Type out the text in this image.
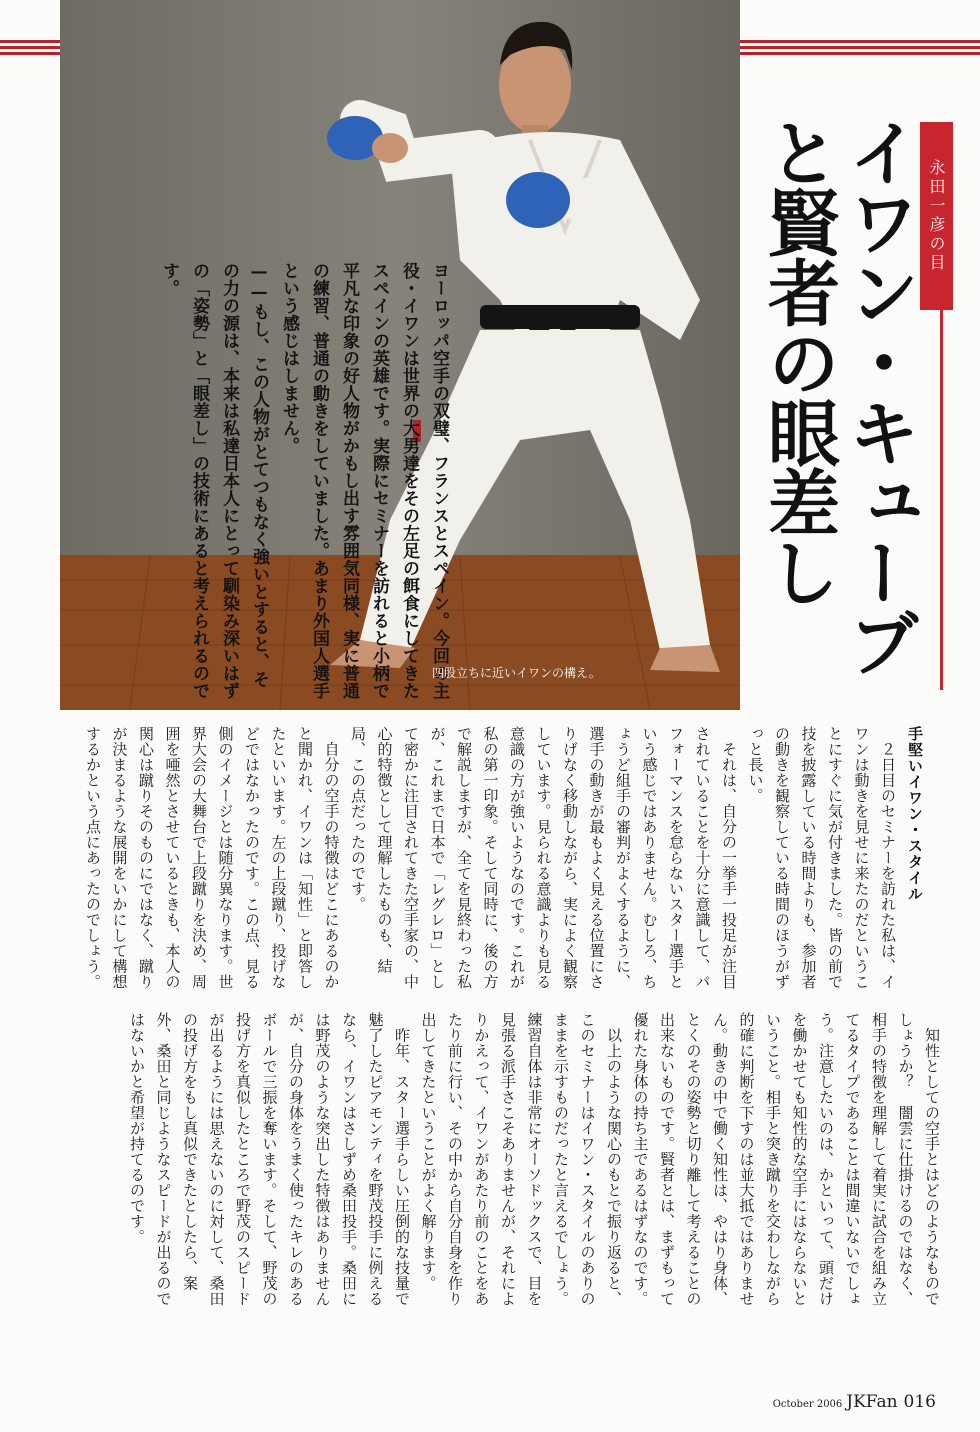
ヨーロッパ空手の双璧、フランスとスペイン。今回の主役・イワンは世界の大男達をその左足の餌食にしてきたスペインの英雄です。実際にセミナーを訪れると小柄で平凡な印象の好人物がかもし出す雰囲気同様、実に普通の練習、普通の動きをしていました。あまり外国人選手という感じはしません。
——もし、この人物がとてつもなく強いとすると、その力の源は、本来は私達日本人にとって馴染み深いはずの「姿勢」と「眼差し」の技術にあると考えられるのです。
四股立ちに近いイワンの構え。
永田一彦の目
イワン・キューブと賢者の眼差し
手堅いイワン・スタイル
　２日目のセミナーを訪れた私は、イワンは動きを見せに来たのだということにすぐに気が付きました。皆の前で技を披露している時間よりも、参加者の動きを観察している時間のほうがずっと長い。
　それは、自分の一挙手一投足が注目されていることを十分に意識して、パフォーマンスを怠らないスター選手という感じではありません。むしろ、ちょうど組手の審判がよくするように、選手の動きが最もよく見える位置にさりげなく移動しながら、実によく観察しています。見られる意識よりも見る意識の方が強いようなのです。これが私の第一印象。そして同時に、後の方で解説しますが、全てを見終わった私が、これまで日本で「レグレロ」として密かに注目されてきた空手家の、中心的特徴として理解したものも、結局、この点だったのです。
　自分の空手の特徴はどこにあるのかと聞かれ、イワンは「知性」と即答したといいます。左の上段蹴り、投げなどではなかったのです。この点、見る側のイメージとは随分異なります。世界大会の大舞台で上段蹴りを決め、周囲を唖然とさせているときも、本人の関心は蹴りそのものにではなく、蹴りが決まるような展開をいかにして構想するかという点にあったのでしょう。
　知性としての空手とはどのようなものでしょうか？　闇雲に仕掛けるのではなく、相手の特徴を理解して着実に試合を組み立てるタイプであることは間違いないでしょう。注意したいのは、かといって、頭だけを働かせても知性的な空手にはならないということ。相手と突き蹴りを交わしながら的確に判断を下すのは並大抵ではありません。動きの中で働く知性は、やはり身体、とくのその姿勢と切り離して考えることの出来ないものです。賢者とは、まずもって優れた身体の持ち主であるはずなのです。
　以上のような関心のもとで振り返ると、このセミナーはイワン・スタイルのありのままを示すものだったと言えるでしょう。練習自体は非常にオーソドックスで、目を見張る派手さこそありませんが、それによりかえって、イワンがあたり前のことをあたり前に行い、その中から自分自身を作り出してきたということがよく解ります。
　昨年、スター選手らしい圧倒的な技量で魅了したピアモンティを野茂投手に例えるなら、イワンはさしずめ桑田投手。桑田には野茂のような突出した特徴はありませんが、自分の身体をうまく使ったキレのあるボールで三振を奪います。そして、野茂の投げ方を真似したところで野茂のスピードが出るようには思えないのに対して、桑田の投げ方をもし真似できたとしたら、案外、桑田と同じようなスピードが出るのではないかと希望が持てるのです。
October 2006 JKFan 016
